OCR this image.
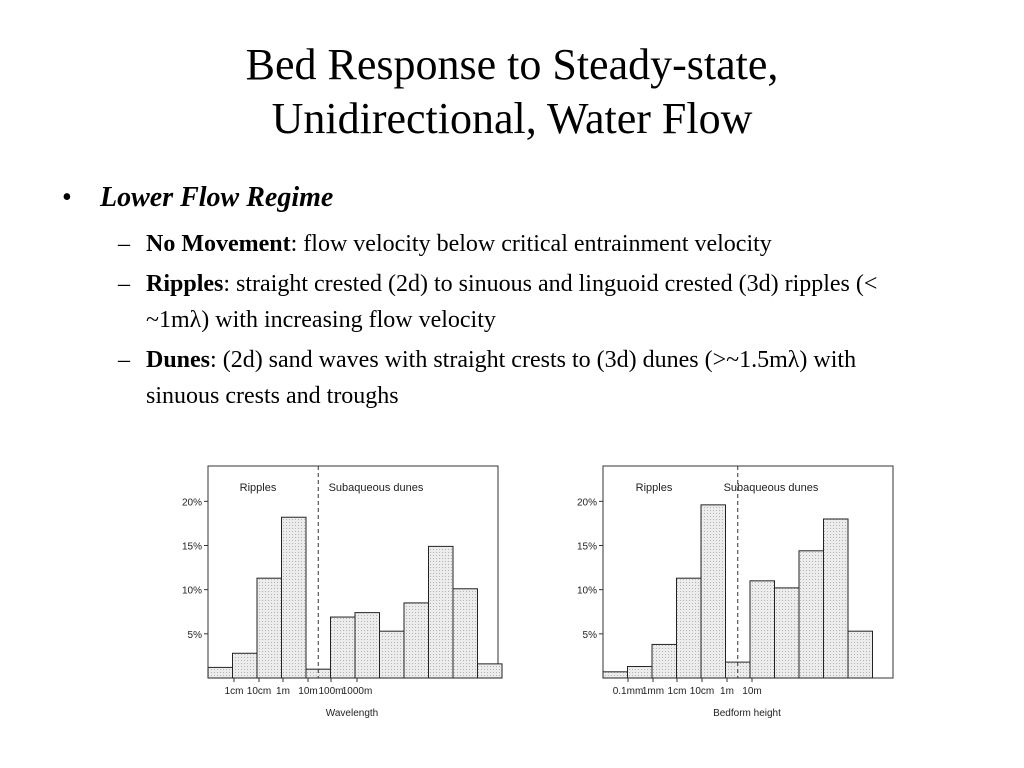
Bed Response to Steady-state,
Unidirectional, Water Flow
• Lower Flow Regime
– No Movement: flow velocity below critical entrainment velocity
– Ripples: straight crested (2d) to sinuous and linguoid crested (3d) ripples (< ~1mλ) with increasing flow velocity
– Dunes: (2d) sand waves with straight crests to (3d) dunes (>~1.5mλ) with sinuous crests and troughs
5%
10%
15%
20%
Ripples	Subaqueous dunes
1cm 10cm 1m 10m 100m
1000m
Wavelength
5%
10%
15%
20%
Ripples	Subaqueous dunes
0.1mm
1mm 1cm 10cm 1m 10m
Bedform height
